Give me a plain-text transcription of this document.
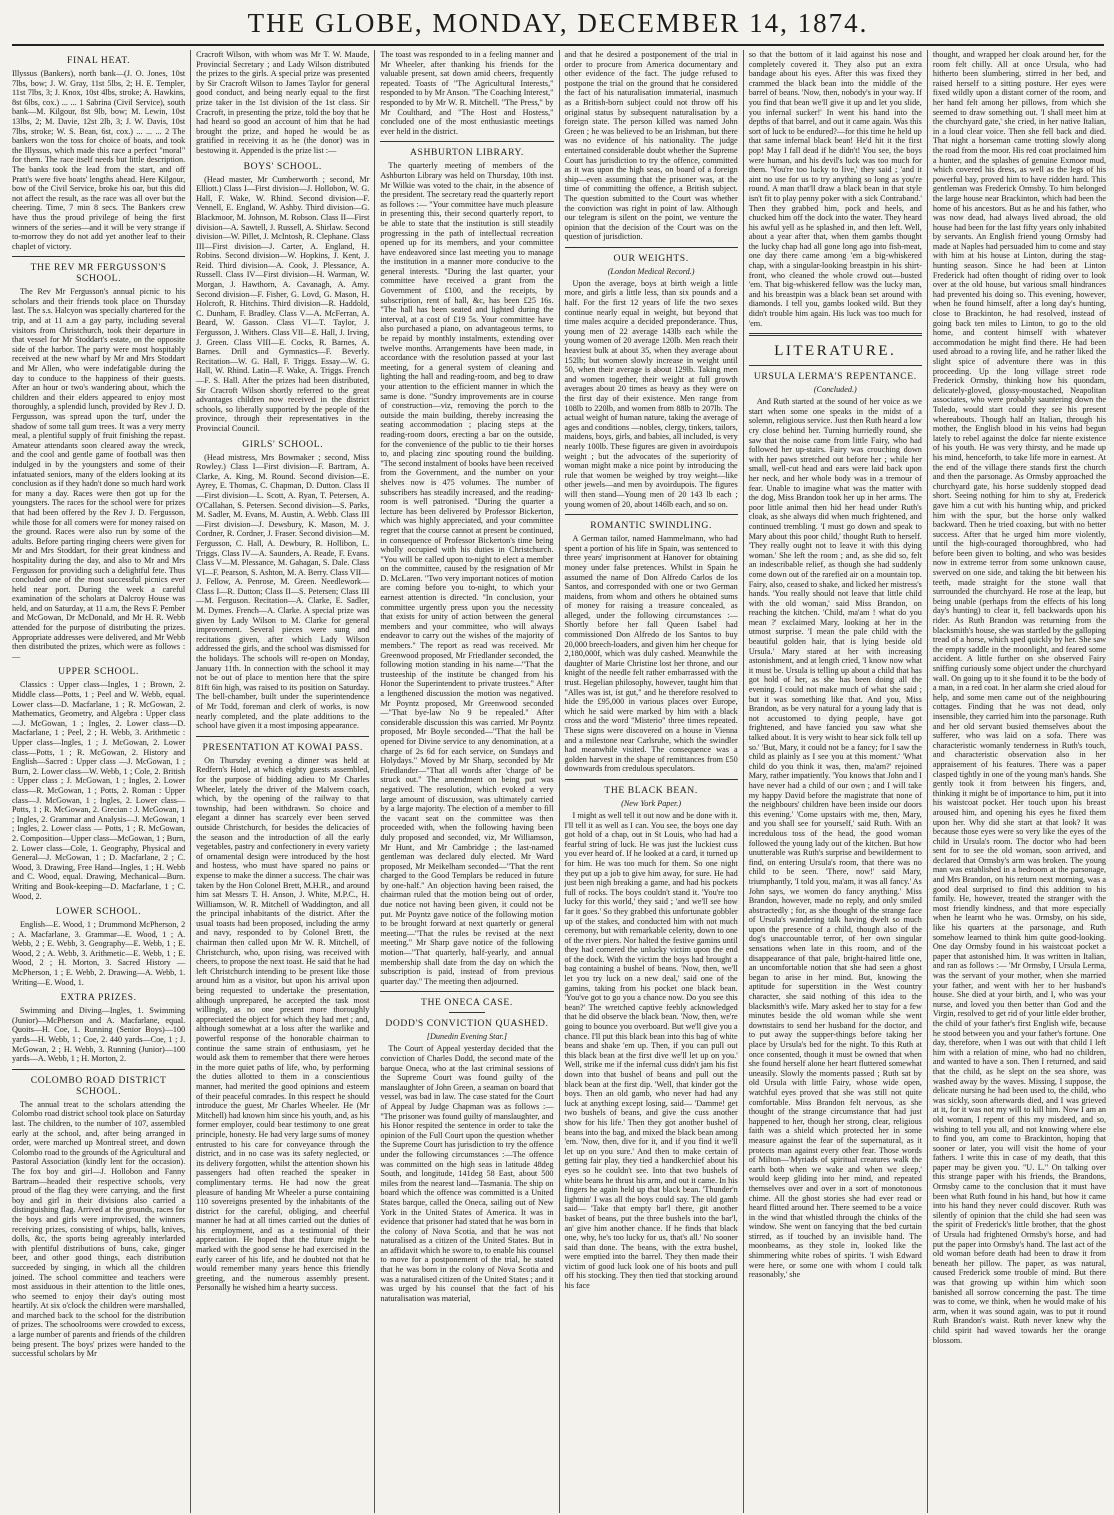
THE GLOBE, MONDAY, DECEMBER 14, 1874.
FINAL HEAT.

Illyssus (Bankers), north bank—(J. O. Jones, 10st 7lbs, bow; J. W. Gray, 11st 5lbs, 2; H. E. Templer, 11st 7lbs, 3; J. Knox, 10st 4lbs, stroke; A. Hawkins, 8st 6lbs, cox.) ... ... 1 Sabrina (Civil Service), south bank—M. Kilgour, 8st 9lb, bow; M. Lewin, 10st 13lbs, 2; M. Davie, 12st 2lb, 3; J. W. Davis, 10st 7lbs, stroke; W. S. Bean, 6st, cox.) ... ... ... 2 The bankers won the toss for choice of boats, and took the Illyssus, which made this race a perfect "moral" for them. The race itself needs but little description. The banks took the lead from the start, and off Pratt's were five boats' lengths ahead. Here Kilgour, bow of the Civil Service, broke his oar, but this did not affect the result, as the race was all over but the cheering. Time, 7 min 8 secs. The Bankers crew have thus the proud privilege of being the first winners of the series—and it will be very strange if to-morrow they do not add yet another leaf to their chaplet of victory.

THE REV MR FERGUSSON'S SCHOOL.

The Rev Mr Fergusson's annual picnic to his scholars and their friends took place on Thursday last. The s.s. Halcyon was specially chartered for the trip, and at 11 a.m a gay party, including several visitors from Christchurch, took their departure in that vessel for Mr Stoddart's estate, on the opposite side of the harbor. The party were most hospitably received at the new wharf by Mr and Mrs Stoddart and Mr Allen, who were indefatigable during the day to conduce to the happiness of their guests. After an hour or two's wandering about, which the children and their elders appeared to enjoy most thoroughly, a splendid lunch, provided by Rev J. D. Fergusson, was spread upon the turf, under the shadow of some tall gum trees. It was a very merry meal, a plentiful supply of fruit finishing the repast. Amateur attendants soon cleared away the wreck, and the cool and gentle game of football was then indulged in by the youngsters and some of their infatuated seniors, many of the elders looking at its conclusion as if they hadn't done so much hard work for many a day. Races were then got up for the youngsters. The races for the school were for prizes that had been offered by the Rev J. D. Fergusson, while those for all comers were for money raised on the ground. Races were also run by some of the adults. Before parting ringing cheers were given for Mr and Mrs Stoddart, for their great kindness and hospitality during the day, and also to Mr and Mrs Fergusson for providing such a delightful fete. Thus concluded one of the most successful picnics ever held near port. During the week a careful examination of the scholars at Dalcroy House was held, and on Saturday, at 11 a.m, the Revs F. Pember and McGowan, Dr McDonald, and Mr H. R. Webb attended for the purpose of distributing the prizes. Appropriate addresses were delivered, and Mr Webb then distributed the prizes, which were as follows :—

UPPER SCHOOL.

Classics : Upper class—Ingles, 1 ; Brown, 2. Middle class—Potts, 1 ; Peel and W. Webb, equal. Lower class—D. Macfarlane, 1 ; R. McGowan, 2. Mathematics, Geometry, and Algebra : Upper class—J. McGowan, 1 ; Ingles, 2. Lower class—D. Macfarlane, 1 ; Peel, 2 ; H. Webb, 3. Arithmetic : Upper class—Ingles, 1 ; J. McGowan, 2. Lower class—Potts, 1 ; R. McGowan, 2. History and English—Sacred : Upper class —J. McGowan, 1 ; Burn, 2. Lower class—W. Webb, 1 ; Cole, 2. British : Upper class ; J. McGowan, 1 ; Ingles, 2. Lower class—R. McGowan, 1 ; Potts, 2. Roman : Upper class—J. McGowan, 1 ; Ingles, 2. Lower class—Potts, 1 ; R. McGowan, 2. Grecian : J. McGowan, 1 ; Ingles, 2. Grammar and Analysis—J. McGowan, 1 ; Ingles, 2. Lower class — Potts, 1 ; R. McGowan, 2. Composition—Upper class—McGowan, 1 ; Burn, 2. Lower class—Cole, 1. Geography, Physical and General—J. McGowan, 1 ; D. Macfarlane, 2 ; C. Wood, 3. Drawing, Free Hand—Ingles, 1 ; H. Webb and C. Wood, equal. Drawing, Mechanical—Burn. Writing and Book-keeping—D. Macfarlane, 1 ; C. Wood, 2.

LOWER SCHOOL.

English—E. Wood, 1 ; Drummond McPherson, 2 ; A. Macfarlane, 3. Grammar—E. Wood, 1 ; A. Webb, 2 ; E. Webb, 3. Geography—E. Webb, 1 ; E. Wood, 2 ; A. Webb, 3. Arithmetic—E. Webb, 1 ; E. Wood, 2 ; H. Morton, 3. Sacred History — McPherson, 1 ; E. Webb, 2. Drawing—A. Webb, 1. Writing—E. Wood, 1.

EXTRA PRIZES.

Swimming and Diving—Ingles, 1. Swimming (Junior)—McPherson and A. Macfarlane, equal. Quoits—H. Coe, 1. Running (Senior Boys)—100 yards—H. Webb, 1 ; Coe, 2. 440 yards—Coe, 1 ; J. McGowan, 2 ; H. Webb, 3. Running (Junior)—100 yards—A. Webb, 1 ; H. Morton, 2.

COLOMBO ROAD DISTRICT SCHOOL.

The annual treat to the scholars attending the Colombo road district school took place on Saturday last. The children, to the number of 107, assembled early at the school, and, after being arranged in order, were marched up Montreal street, and down Colombo road to the grounds of the Agricultural and Pastoral Association (kindly lent for the occasion). The fox boy and girl—J. Hollobon and Fanny Bartram—headed their respective schools, very proud of the flag they were carrying, and the first boy and girl in their divisions also carried a distinguishing flag. Arrived at the grounds, races for the boys and girls were improvised, the winners receiving prizes, consisting of whips, balls, knives, dolls, &c, the sports being agreeably interlarded with plentiful distributions of buns, cake, ginger beer, and other good things, each distribution succeeded by singing, in which all the children joined. The school committee and teachers were most assiduous in their attention to the little ones, who seemed to enjoy their day's outing most heartily. At six o'clock the children were marshalled, and marched back to the school for the distribution of prizes. The schoolrooms were crowded to excess, a large number of parents and friends of the children being present. The boys' prizes were handed to the successful scholars by Mr

Cracroft Wilson, with whom was Mr T. W. Maude, Provincial Secretary ; and Lady Wilson distributed the prizes to the girls. A special prize was presented by Sir Cracroft Wilson to James Taylor for general good conduct, and being nearly equal to the first prize taker in the 1st division of the 1st class. Sir Cracroft, in presenting the prize, told the boy that he had heard so good an account of him that he had brought the prize, and hoped he would be as gratified in receiving it as he (the donor) was in bestowing it. Appended is the prize list :—

BOYS' SCHOOL.

(Head master, Mr Cumberworth ; second, Mr Elliott.) Class I—First division—J. Hollobon, W. G. Hall, F. Wake, W. Rhind. Second division—F. Vennell, E. England, W. Ashby. Third division—G. Blackmoor, M. Johnson, M. Robson. Class II—First division—A. Sawtell, J. Russell, A. Shirlaw. Second division—W. Pillet, J. McIntosh, R. Clephane. Class III—First division—J. Carter, A. England, H. Robins. Second division—W. Hopkins, J. Kent, J. Reid. Third division—A. Cook, J. Plessance, A. Russell. Class IV—First division—H. Warman, W. Morgan, J. Hawthorn, A. Cavanagh, A. Amy. Second division—F. Fisher, G. Lovd, G. Mason, H. Holcroft, R. Hitchins. Third division—R. Haddold, C. Dunham, F. Bradley. Class V—A. McFerran, A. Beard, W. Gasson. Class VI—T. Taylor, J. Fergusson, J. Withers. Class VII—E. Hall, J. Irving, J. Green. Class VIII—E. Cocks, R. Barnes, A. Barnes. Drill and Gymnastics—F. Beverly. Recitation—W. G. Hall, F. Triggs. Essay—W. G. Hall, W. Rhind. Latin—F. Wake, A. Triggs. French—F. S. Hall. After the prizes had been distributed, Sir Cracroft Wilson shortly referred to the great advantages children now received in the district schools, so liberally supported by the people of the province, through their representatives in the Provincial Council.

GIRLS' SCHOOL.

(Head mistress, Mrs Bowmaker ; second, Miss Rowley.) Class I—First division—F. Bartram, A. Clarke, A. King, M. Round. Second division—E. Ayrey, E. Thomas, C. Chapman, D. Dutton. Class II—First division—L. Scott, A. Ryan, T. Petersen, A. O'Callahan, S. Petersen. Second division—S. Parks, M. Sadler, M. Evans, M. Austin, A. Webb. Class III—First division—J. Dewsbury, K. Mason, M. J. Cordner, R. Cordner, J. Fraser. Second division—M. Fergusson, C. Hall, A. Dewbury, R. Hollibon, L. Triggs. Class IV—A. Saunders, A. Reade, F. Evans. Class V—M. Plessance, M. Gahagan, S. Dale. Class VI—F. Pearson, S. Ashton, M. A. Berry. Class VII—J. Fellow, A. Penrose, M. Green. Needlework—Class I—R. Dutton; Class II—S. Petersen; Class III—M. Ferguson. Recitation—A. Clarke, E. Sadler, M. Dymes. French—A. Clarke. A special prize was given by Lady Wilson to M. Clarke for general improvement. Several pieces were sung and recitations given, after which Lady Wilson addressed the girls, and the school was dismissed for the holidays. The schools will re-open on Monday, January 11th. In connection with the school it may not be out of place to mention here that the spire 81ft 6in high, was raised to its position on Saturday. The bell-chamber, built under the superintendence of Mr Todd, foreman and clerk of works, is now nearly completed, and the plate additions to the school have given it a most imposing appearance.

PRESENTATION AT KOWAI PASS.

On Thursday evening a dinner was held at Redfern's Hotel, at which eighty guests assembled, for the purpose of bidding adieu to Mr Charles Wheeler, lately the driver of the Malvern coach, which, by the opening of the railway to that township, had been withdrawn. So choice and elegant a dinner has scarcely ever been served outside Christchurch, for besides the delicacies of the season and the introduction of all the early vegetables, pastry and confectionery in every variety of ornamental design were introduced by the host and hostess, who must have spared no pains or expense to make the dinner a success. The chair was taken by the Hon Colonel Brett, M.H.R., and around him sat Messrs T. H. Anson, J. White, M.P.C., H. Williamson, W. R. Mitchell of Waddington, and all the principal inhabitants of the district. After the usual toasts had been proposed, including the army and navy, responded to by Colonel Brett, the chairman then called upon Mr W. R. Mitchell, of Christchurch, who, upon rising, was received with cheers, to propose the next toast. He said that he had left Christchurch intending to be present like those around him as a visitor, but upon his arrival upon being requested to undertake the presentation, although unprepared, he accepted the task most willingly, as no one present more thoroughly appreciated the object for which they had met ; and, although somewhat at a loss after the warlike and powerful response of the honorable chairman to continue the same strain of enthusiasm, yet he would ask them to remember that there were heroes in the more quiet paths of life, who, by performing the duties allotted to them in a conscientious manner, had merited the good opinions and esteem of their peaceful comrades. In this respect he should introduce the guest, Mr Charles Wheeler. He (Mr Mitchell) had known him since his youth, and, as his former employer, could bear testimony to one great principle, honesty. He had very large sums of money entrusted to his care for conveyance through the district, and in no case was its safety neglected, or its delivery forgotten, whilst the attention shown his passengers had often reached the speaker in complimentary terms. He had now the great pleasure of handing Mr Wheeler a purse containing 110 sovereigns presented by the inhabitants of the district for the careful, obliging, and cheerful manner he had at all times carried out the duties of his employment, and as a testimonial of their appreciation. He hoped that the future might be marked with the good sense he had exercised in the early career of his life, and he doubted not that he would remember many years hence this friendly greeting, and the numerous assembly present. Personally he wished him a hearty success.

The toast was responded to in a feeling manner and Mr Wheeler, after thanking his friends for the valuable present, sat down amid cheers, frequently repeated. Toasts of "The Agricultural Interests," responded to by Mr Anson. "The Coaching Interest," responded to by Mr W. R. Mitchell. "The Press," by Mr Coulthard, and "The Host and Hostess," concluded one of the most enthusiastic meetings ever held in the district.

ASHBURTON LIBRARY.

The quarterly meeting of members of the Ashburton Library was held on Thursday, 10th inst. Mr Wilkie was voted to the chair, in the absence of the president. The secretary read the quarterly report as follows :— "Your committee have much pleasure in presenting this, their second quarterly report, to be able to state that the institution is still steadily progressing in the path of intellectual recreation opened up for its members, and your committee have endeavored since last meeting you to manage the institution in a manner more conducive to the general interests. "During the last quarter, your committee have received a grant from the Government of £100, and the receipts, by subscription, rent of hall, &c, has been £25 16s. "The hall has been seated and lighted during the interval, at a cost of £19 5s. Your committee have also purchased a piano, on advantageous terms, to be repaid by monthly instalments, extending over twelve months. Arrangements have been made, in accordance with the resolution passed at your last meeting, for a general system of cleaning and lighting the hall and reading-room, and beg to draw your attention to the efficient manner in which the same is done. "Sundry improvements are in course of construction—viz, removing the porch to the outside the main building, thereby increasing the seating accommodation ; placing steps at the reading-room doors, erecting a bar on the outside, for the convenience of the public to tie their horses to, and placing zinc spouting round the building. "The second instalment of books have been received from the Government, and the number on your shelves now is 475 volumes. The number of subscribers has steadily increased, and the reading-room is well patronised. "During the quarter a lecture has been delivered by Professor Bickerton, which was highly appreciated, and your committee regret that the course cannot at present be continued, in consequence of Professor Bickerton's time being wholly occupied with his duties in Christchurch. "You will be called upon to-night to elect a member on the committee, caused by the resignation of Mr D. McLaren. "Two very important notices of motion are coming before you to-night, to which your earnest attention is directed. "In conclusion, your committee urgently press upon you the necessity that exists for unity of action between the general members and your committee, who will always endeavor to carry out the wishes of the majority of members." The report as read was received. Mr Greenwood proposed, Mr Friedlander seconded, the following motion standing in his name—"That the trusteeship of the institute be changed from his Honor the Superintendent to private trustees." After a lengthened discussion the motion was negatived. Mr Poyntz proposed, Mr Greenwood seconded—"That bye-law No 9 be repealed." After considerable discussion this was carried. Mr Poyntz proposed, Mr Boyle seconded—"That the hall be opened for Divine service to any denomination, at a charge of 2s 6d for each service, on Sundays and Holydays." Moved by Mr Sharp, seconded by Mr Friedlander—"That all words after 'charge of' be struck out." The amendment on being put was negatived. The resolution, which evoked a very large amount of discussion, was ultimately carried by a large majority. The election of a member to fill the vacant seat on the committee was then proceeded with, when the following having been duly proposed and seconded, viz, Mr Williamson, Mr Hunt, and Mr Cambridge ; the last-named gentleman was declared duly elected. Mr Ward proposed, Mr Meikelham seconded—"That the rent charged to the Good Templars be reduced in future by one-half." An objection having been raised, the chairman ruled that the motion being out of order, due notice not having been given, it could not be put. Mr Poyntz gave notice of the following motion to be brought forward at next quarterly or general meeting—"That the rules be revised at the next meeting." Mr Sharp gave notice of the following motion—"That quarterly, half-yearly, and annual membership shall date from the day on which the subscription is paid, instead of from previous quarter day." The meeting then adjourned.

THE ONECA CASE.
DODD'S CONVICTION QUASHED.
[Dunedin Evening Star.]

The Court of Appeal yesterday decided that the conviction of Charles Dodd, the second mate of the barque Oneca, who at the last criminal sessions of the Supreme Court was found guilty of the manslaughter of John Green, a seaman on board that vessel, was bad in law. The case stated for the Court of Appeal by Judge Chapman was as follows :— "The prisoner was found guilty of manslaughter, and his Honor respited the sentence in order to take the opinion of the Full Court upon the question whether the Supreme Court has jurisdiction to try the offence under the following circumstances :—The offence was committed on the high seas in latitude 48deg South, and longitude, 141deg 58 East, about 500 miles from the nearest land—Tasmania. The ship on board which the offence was committed is a United States barque, called the Oneca, sailing out of New York in the United States of America. It was in evidence that prisoner had stated that he was born in the colony of Nova Scotia, and that he was not naturalised as a citizen of the United States. But in an affidavit which he swore to, to enable his counsel to move for a postponement of the trial, he stated that he was born in the colony of Nova Scotia and was a naturalised citizen of the United States ; and it was urged by his counsel that the fact of his naturalisation was material,

and that he desired a postponement of the trial in order to procure from America documentary and other evidence of the fact. The judge refused to postpone the trial on the ground that he considered the fact of his naturalisation immaterial, inasmuch as a British-born subject could not throw off his original status by subsequent naturalisation by a foreign state. The person killed was named John Green ; he was believed to be an Irishman, but there was no evidence of his nationality. The judge entertained considerable doubt whether the Supreme Court has jurisdiction to try the offence, committed as it was upon the high seas, on board of a foreign ship—even assuming that the prisoner was, at the time of committing the offence, a British subject. The question submitted to the Court was whether the conviction was right in point of law. Although our telegram is silent on the point, we venture the opinion that the decision of the Court was on the question of jurisdiction.

OUR WEIGHTS.
(London Medical Record.)

Upon the average, boys at birth weigh a little more, and girls a little less, than six pounds and a half. For the first 12 years of life the two sexes continue nearly equal in weight, but beyond that time males acquire a decided preponderance. Thus, young men of 22 average 143lb each while the young women of 20 average 120lb. Men reach their heaviest bulk at about 35, when they average about 152lb; but women slowly increase in weight until 50, when their average is about 129lb. Taking men and women together, their weight at full growth averages about 20 times as heavy as they were on the first day of their existence. Men range from 108lb to 220lb, and women from 88lb to 207lb. The actual weight of human nature, taking the average of ages and conditions —nobles, clergy, tinkers, tailors, maidens, boys, girls, and babies, all included, is very nearly 100lb. These figures are given in avoirdupois weight ; but the advocates of the superiority of woman might make a nice point by introducing the rule that women be weighed by troy weight—like other jewels—and men by avoirdupois. The figures will then stand—Young men of 20 143 lb each ; young women of 20, about 146lb each, and so on.

ROMANTIC SWINDLING.

A German tailor, named Hammelmann, who had spent a portion of his life in Spain, was sentenced to three years' imprisonment at Hanover for obtaining money under false pretences. Whilst in Spain he assumed the name of Don Alfredo Carlos de los Santos, and corresponded with one or two German maidens, from whom and others he obtained sums of money for raising a treasure concealed, as alleged, under the following circumstances :—Shortly before her fall Queen Isabel had commissioned Don Alfredo de los Santos to buy 20,000 breech-loaders, and given him her cheque for 2,180,000f, which was duly cashed. Meanwhile the daughter of Marie Christine lost her throne, and our knight of the needle felt rather embarrassed with the trust. Hegelian philosophy, however, taught him that "Alles was ist, ist gut," and he therefore resolved to hide the £95,000 in various places over Europe, which he said were marked by him with a black cross and the word "Misterio" three times repeated. These signs were discovered on a house in Vienna and a milestone near Carlsruhe, which the swindler had meanwhile visited. The consequence was a golden harvest in the shape of remittances from £50 downwards from credulous speculators.

THE BLACK BEAN.
(New York Paper.)

I might as well tell it out now and be done with it. I'll tell it as well as I can. You see, the boys one day got hold of a chap, out in St Louis, who had had a fearful string of luck. He was just the luckiest cuss you ever heard of. If he looked at a card, it turned up for him. He was too much for them. So one night they put up a job to give him away, for sure. He had just been nigh breaking a game, and had his pockets full of rocks. The boys couldn't stand it. 'You're too lucky for this world,' they said ; 'and we'll see how far it goes.' So they grabbed this unfortunate gobbler up of the stakes, and conducted him with not much ceremony, but with remarkable celerity, down to one of the river piers. Nor halted the festive gamins until they had cornered the unlucky victim upon the end of the dock. With the victim the boys had brought a bag containing a bushel of beans. 'Now, then, we'll let you try luck on a new deal,' said one of the gamins, taking from his pocket one black bean. 'You've got to go you a chance now. Do you see this bean?' The wretched captive feebly acknowledged that he did observe the black bean. 'Now, then, we're going to bounce you overboard. But we'll give you a chance. I'll put this black bean into this bag of white beans and shake 'em up. Then, if you can pull out this black bean at the first dive we'll let up on you.' Well, strike me if the infernal cuss didn't jam his fist down into that bushel of beans and pull out the black bean at the first dip. 'Well, that kinder got the boys. Then an old gamb, who never had had any luck at anything except losing, said— 'Damme! get two bushels of beans, and give the cuss another show for his life.' Then they got another bushel of beans into the bag, and mixed the black bean among 'em. 'Now, then, dive for it, and if you find it we'll let up on you sure.' And then to make certain of getting fair play, they tied a handkerchief about his eyes so he couldn't see. Into that two bushels of white beans he thrust his arm, and out it came. In his fingers he again held up that black bean. 'Thunder'n lightnin' I was all the boys could say. The old gamb said— 'Take that empty bar'l there, git another basket of beans, put the three bushels into the bar'l, an' give him another chance. If he finds that black one, why, he's too lucky for us, that's all.' No sooner said than done. The beans, with the extra bushel, were emptied into the barrel. They then made their victim of good luck look one of his boots and pull off his stocking. They then tied that stocking around his face

so that the bottom of it laid against his nose and completely covered it. They also put an extra bandage about his eyes. After this was fixed they crammed the black bean into the middle of the barrel of beans. 'Now, then, nobody's in your way. If you find that bean we'll give it up and let you slide, you infernal sucker!' In went his hand into the depths of that barrel, and out it came again. Was this sort of luck to be endured?—for this time he held up that same infernal black bean! He'd hit it the first pop! May I fall dead if he didn't! You see, the boys were human, and his devil's luck was too much for them. 'You're too lucky to live,' they said ; 'and it aint no use for us to try anything so long as you're round. A man that'll draw a black bean in that style isn't fit to play penny poker with a sick Contraband.' Then they grabbed him, pock and heels, and chucked him off the dock into the water. They heard his awful yell as he splashed in, and then left. Well, about a year after that, when them gambs thought the lucky chap had all gone long ago into fish-meat, one day there came among 'em a big-whiskered chap, with a singular-looking breastpin in his shirt-front, who cleaned the whole crowd out—busted 'em. That big-whiskered fellow was the lucky man, and his breastpin was a black bean set around with diamonds. I tell you, gambs looked wild. But they didn't trouble him again. His luck was too much for 'em.

LITERATURE.
URSULA LERMA'S REPENTANCE.
(Concluded.)

And Ruth started at the sound of her voice as we start when some one speaks in the midst of a solemn, religious service. Just then Ruth heard a low cry close behind her. Turning hurriedly round, she saw that the noise came from little Fairy, who had followed her up-stairs. Fairy was crouching down with her paws stretched out before her ; while her small, well-cut head and ears were laid back upon her neck, and her whole body was in a tremour of fear. Unable to imagine what was the matter with the dog, Miss Brandon took her up in her arms. The poor little animal then hid her head under Ruth's cloak, as she always did when much frightened, and continued trembling. 'I must go down and speak to Mary about this poor child,' thought Ruth to herself. 'They really ought not to leave it with this dying woman.' She left the room ; and, as she did so, felt an indescribable relief, as though she had suddenly come down out of the rarefied air on a mountain top. Fairy, also, ceased to shake, and licked her mistress's hands. 'You really should not leave that little child with the old woman,' said Miss Brandon, on reaching the kitchen. 'Child, ma'am ! what do you mean ?' exclaimed Mary, looking at her in the utmost surprise. 'I mean the pale child with the beautiful golden hair, that is lying beside old Ursula.' Mary stared at her with increasing astonishment, and at length cried, 'I know now what it must be. Ursula is telling up about a child that has got hold of her, as she has been doing all the evening. I could not make much of what she said ; but it was something like that. And you, Miss Brandon, as be very natural for a young lady that is not accustomed to dying people, have got frightened, and have fancied you saw what she talked about. It is very wisht to hear sick folk tell up so.' 'But, Mary, it could not be a fancy; for I saw the child as plainly as I see you at this moment.' 'What child do you think it was, then, ma'am?' rejoined Mary, rather impatiently. 'You knows that John and I have never had a child of our own ; and I will take my happy David before the magistrate that none of the neighbours' children have been inside our doors this evening.' 'Come upstairs with me, then, Mary, and you shall see for yourself,' said Ruth. With an incredulous toss of the head, the good woman followed the young lady out of the kitchen. But how unutterable was Ruth's surprise and bewilderment to find, on entering Ursula's room, that there was no child to be seen. 'There, now!' said Mary, triumphantly, 'I told you, ma'am, it was all fancy.' As John says, we women do fancy anything.' Miss Brandon, however, made no reply, and only smiled abstractedly ; for, as she thought of the strange face of Ursula's wandering talk having dwelt so much upon the presence of a child, though also of the dog's unaccountable terror, of her own singular sensations when late in this room, and of the disappearance of that pale, bright-haired little one, an uncomfortable notion that she had seen a ghost began to arise in her mind. But, knowing the aptitude for superstition in the West country character, she said nothing of this idea to the blacksmith's wife. Mary asked her to stay for a few minutes beside the old woman while she went downstairs to send her husband for the doctor, and to put away the supper-things before taking her place by Ursula's bed for the night. To this Ruth at once consented, though it must be owned that when she found herself alone her heart fluttered somewhat uneasily. Slowly the moments passed ; Ruth sat by old Ursula with little Fairy, whose wide open, watchful eyes proved that she was still not quite comfortable. Miss Brandon felt nervous, as she thought of the strange circumstance that had just happened to her, though her strong, clear, religious faith was a shield which protected her in some measure against the fear of the supernatural, as it protects man against every other fear. Those words of Milton—'Myriads of spiritual creatures walk the earth both when we wake and when we sleep,' would keep gliding into her mind, and repeated themselves over and over in a sort of monotonous chime. All the ghost stories she had ever read or heard flitted around her. There seemed to be a voice in the wind that whistled through the chinks of the window. She went on fancying that the bed curtain stirred, as if touched by an invisible hand. The moonbeams, as they stole in, looked like the shimmering white robes of spirits. 'I wish Edward were here, or some one with whom I could talk reasonably,' she

thought, and wrapped her cloak around her, for the room felt chilly. All at once Ursula, who had hitherto been slumbering, stirred in her bed, and raised herself to a sitting posture. Her eyes were fixed wildly upon a distant corner of the room, and her hand felt among her pillows, from which she seemed to draw something out. 'I shall meet him at the churchyard gate,' she cried, in her native Italian, in a loud clear voice. Then she fell back and died. That night a horseman came trotting slowly along the road from the moor. His red coat proclaimed him a hunter, and the splashes of genuine Exmoor mud, which covered his dress, as well as the legs of his powerful bay, proved him to have ridden hard. This gentleman was Frederick Ormsby. To him belonged the large house near Brackinton, which had been the home of his ancestors. But as he and his father, who was now dead, had always lived abroad, the old house had been for the last fifty years only inhabited by servants. An English friend young Ormsby had made at Naples had persuaded him to come and stay with him at his house at Linton, during the stag-hunting season. Since he had been at Linton Frederick had often thought of riding over to look over at the old house, but various small hindrances had prevented his doing so. This evening, however, when he found himself, after a long day's hunting, close to Brackinton, he had resolved, instead of going back ten miles to Linton, to go to the old home, and content himself with whatever accommodation he might find there. He had been used abroad to a roving life, and he rather liked the slight spice of adventure there was in this proceeding. Up the long village street rode Frederick Ormsby, thinking how his quondam, delicately-gloved, glossy-moustached, Neapolitan associates, who were probably sauntering down the Toledo, would start could they see his present whereabouts. Though half an Italian, through his mother, the English blood in his veins had begun lately to rebel against the dolce far niente existence of his youth. He was very thirsty, and he made up his mind, henceforth, to take life more in earnest. At the end of the village there stands first the church and then the parsonage. As Ormsby approached the churchyard gate, his horse suddenly stopped dead short. Seeing nothing for him to shy at, Frederick gave him a cut with his hunting whip, and pricked him with the spur, but the horse only walked backward. Then he tried coaxing, but with no better success. After that he urged him more violently, until the high-couraged thoroughbred, who had before been given to bolting, and who was besides now in extreme terror from some unknown cause, swerved on one side, and taking the bit between his teeth, made straight for the stone wall that surrounded the churchyard. He rose at the leap, but being unable (perhaps from the effects of his long day's hunting) to clear it, fell backwards upon his rider. As Ruth Brandon was returning from the blacksmith's house, she was startled by the galloping tread of a horse, which sped quickly by her. She saw the empty saddle in the moonlight, and feared some accident. A little further on she observed Fairy sniffing curiously some object under the churchyard wall. On going up to it she found it to be the body of a man, in a red coat. In her alarm she cried aloud for help, and some men came out of the neighbouring cottages. Finding that he was not dead, only insensible, they carried him into the parsonage. Ruth and her old servant busied themselves about the sufferer, who was laid on a sofa. There was characteristic womanly tenderness in Ruth's touch, and characteristic observation also in her appraisement of his features. There was a paper clasped tightly in one of the young man's hands. She gently took it from between his fingers, and, thinking it might be of importance to him, put it into his waistcoat pocket. Her touch upon his breast aroused him, and opening his eyes he fixed them upon her. Why did she start at that look? It was because those eyes were so very like the eyes of the child in Ursula's room. The doctor who had been sent for to see the old woman, soon arrived, and declared that Ormsby's arm was broken. The young man was established in a bedroom at the parsonage, and Mrs Brandon, on his return next morning, was a good deal surprised to find this addition to his family. He, however, treated the stranger with the most friendly kindness, and that more especially when he learnt who he was. Ormsby, on his side, like his quarters at the parsonage, and Ruth somehow learned to think him quite good-looking. One day Ormsby found in his waistcoat pocket a paper that astonished him. It was written in Italian, and ran as follows :— 'Mr Ormsby, I Ursula Lerma, was the servant of your mother, when she married your father, and went with her to her husband's house. She died at your birth, and I, who was your nurse, and loved you then better than God and the Virgin, resolved to get rid of your little elder brother, the child of your father's first English wife, because he stood between you and your father's fortune. One day, therefore, when I was out with that child I left him with a relation of mine, who had no children, and wanted to have a son. Then I returned, and said that the child, as he slept on the sea shore, was washed away by the waves. Missing, I suppose, the delicate nursing he had been used to, the child, who was sickly, soon afterwards died, and I was grieved at it, for it was not my will to kill him. Now I am an old woman, I repent of this my misdeed, and so, wishing to tell you all, and not knowing where else to find you, am come to Brackinton, hoping that sooner or later, you will visit the home of your fathers. I write this in case of my death, that this paper may be given you. "U. L." On talking over this strange paper with his friends, the Brandons, Ormsby came to the conclusion that it must have been what Ruth found in his hand, but how it came into his hand they never could discover. Ruth was silently of opinion that the child she had seen was the spirit of Frederick's little brother, that the ghost of Ursula had frightened Ormsby's horse, and had put the paper into Ormsby's hand. The last act of the old woman before death had been to draw it from beneath her pillow. The paper, as was natural, caused Frederick some trouble of mind. But there was that growing up within him which soon banished all sorrow concerning the past. The time was to come, we think, when he would make of his arm, when it was sound again, was to put it round Ruth Brandon's waist. Ruth never knew why the child spirit had waved towards her the orange blossom.
